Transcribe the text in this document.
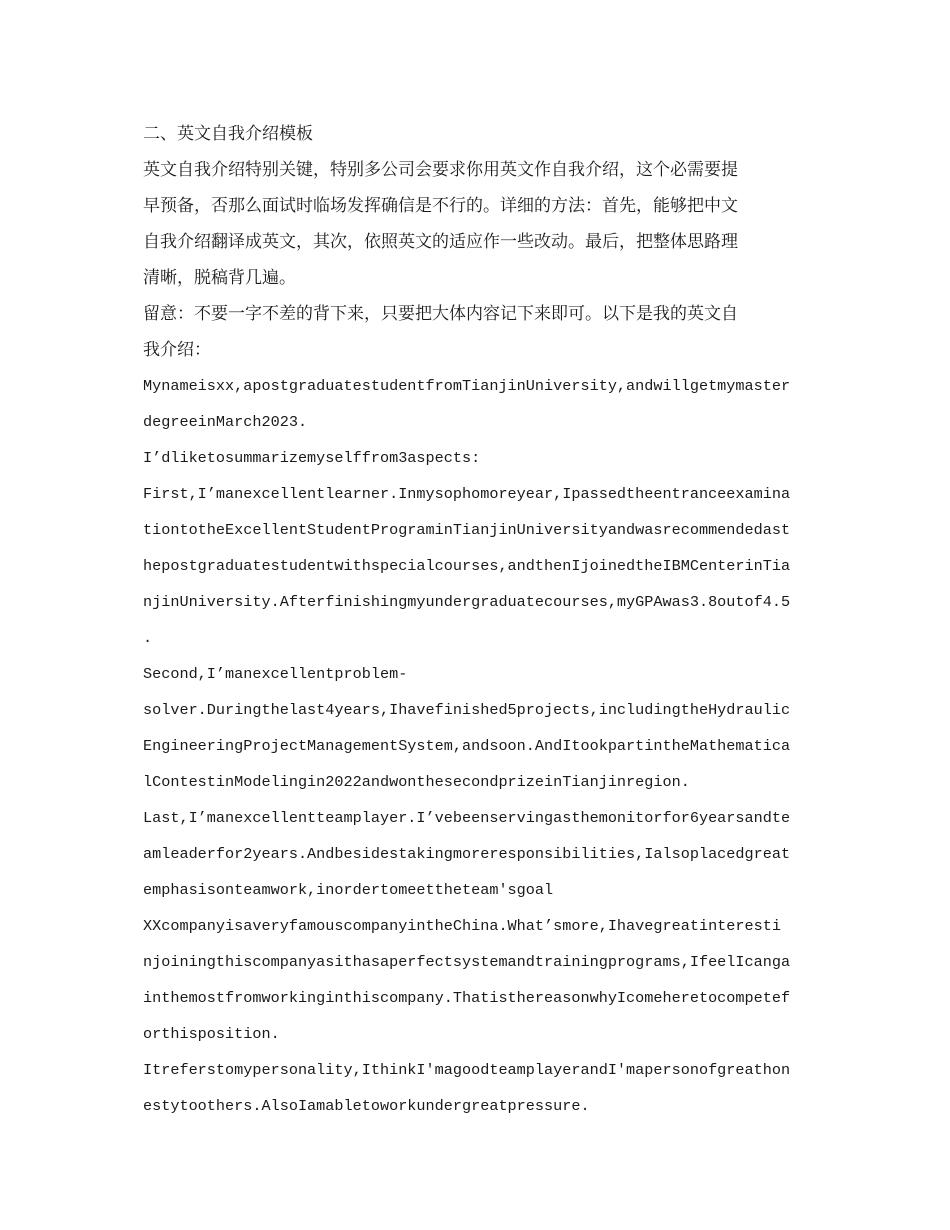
二、英文自我介绍模板
英文自我介绍特别关键，特别多公司会要求你用英文作自我介绍，这个必需要提
早预备，否那么面试时临场发挥确信是不行的。详细的方法：首先，能够把中文
自我介绍翻译成英文，其次，依照英文的适应作一些改动。最后，把整体思路理
清晰，脱稿背几遍。
留意：不要一字不差的背下来，只要把大体内容记下来即可。以下是我的英文自
我介绍：
Mynameisxx,apostgraduatestudentfromTianjinUniversity,andwillgetmymaster
degreeinMarch2023.
I’dliketosummarizemyselffrom3aspects:
First,I’manexcellentlearner.Inmysophomoreyear,Ipassedtheentranceexamina
tiontotheExcellentStudentPrograminTianjinUniversityandwasrecommendedast
hepostgraduatestudentwithspecialcourses,andthenIjoinedtheIBMCenterinTia
njinUniversity.Afterfinishingmyundergraduatecourses,myGPAwas3.8outof4.5
.
Second,I’manexcellentproblem-
solver.Duringthelast4years,Ihavefinished5projects,includingtheHydraulic
EngineeringProjectManagementSystem,andsoon.AndItookpartintheMathematica
lContestinModelingin2022andwonthesecondprizeinTianjinregion.
Last,I’manexcellentteamplayer.I’vebeenservingasthemonitorfor6yearsandte
amleaderfor2years.Andbesidestakingmoreresponsibilities,Ialsoplacedgreat
emphasisonteamwork,inordertomeettheteam'sgoal
XXcompanyisaveryfamouscompanyintheChina.What’smore,Ihavegreatinteresti
njoiningthiscompanyasithasaperfectsystemandtrainingprograms,IfeelIcanga
inthemostfromworkinginthiscompany.ThatisthereasonwhyIcomeheretocompetef
orthisposition.
Itreferstomypersonality,IthinkI'magoodteamplayerandI'mapersonofgreathon
estytoothers.AlsoIamabletoworkundergreatpressure.
